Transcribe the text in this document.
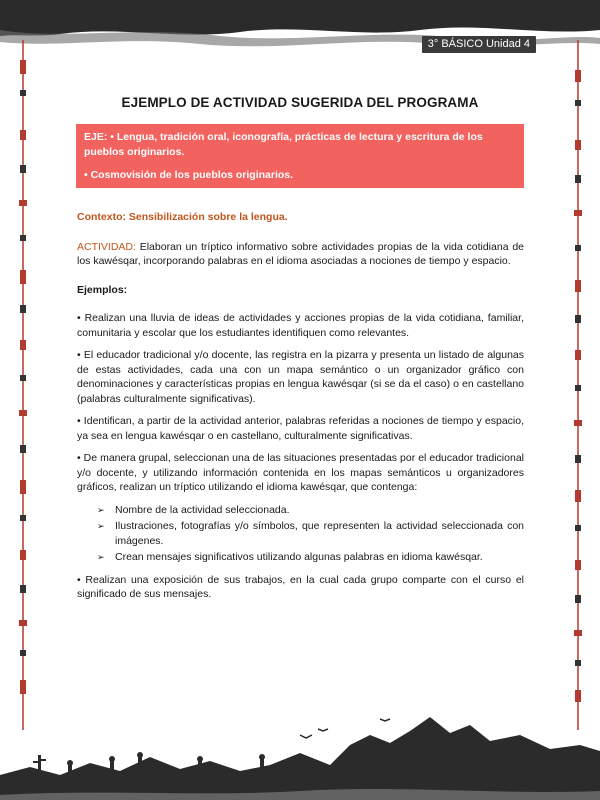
3° BÁSICO Unidad 4
EJEMPLO DE ACTIVIDAD SUGERIDA DEL PROGRAMA
EJE: • Lengua, tradición oral, iconografía, prácticas de lectura y escritura de los pueblos originarios.
• Cosmovisión de los pueblos originarios.
Contexto: Sensibilización sobre la lengua.
ACTIVIDAD: Elaboran un tríptico informativo sobre actividades propias de la vida cotidiana de los kawésqar, incorporando palabras en el idioma asociadas a nociones de tiempo y espacio.
Ejemplos:
• Realizan una lluvia de ideas de actividades y acciones propias de la vida cotidiana, familiar, comunitaria y escolar que los estudiantes identifiquen como relevantes.
• El educador tradicional y/o docente, las registra en la pizarra y presenta un listado de algunas de estas actividades, cada una con un mapa semántico o un organizador gráfico con denominaciones y características propias en lengua kawésqar (si se da el caso) o en castellano (palabras culturalmente significativas).
• Identifican, a partir de la actividad anterior, palabras referidas a nociones de tiempo y espacio, ya sea en lengua kawésqar o en castellano, culturalmente significativas.
• De manera grupal, seleccionan una de las situaciones presentadas por el educador tradicional y/o docente, y utilizando información contenida en los mapas semánticos u organizadores gráficos, realizan un tríptico utilizando el idioma kawésqar, que contenga:
➢ Nombre de la actividad seleccionada.
➢ Ilustraciones, fotografías y/o símbolos, que representen la actividad seleccionada con imágenes.
➢ Crean mensajes significativos utilizando algunas palabras en idioma kawésqar.
• Realizan una exposición de sus trabajos, en la cual cada grupo comparte con el curso el significado de sus mensajes.
